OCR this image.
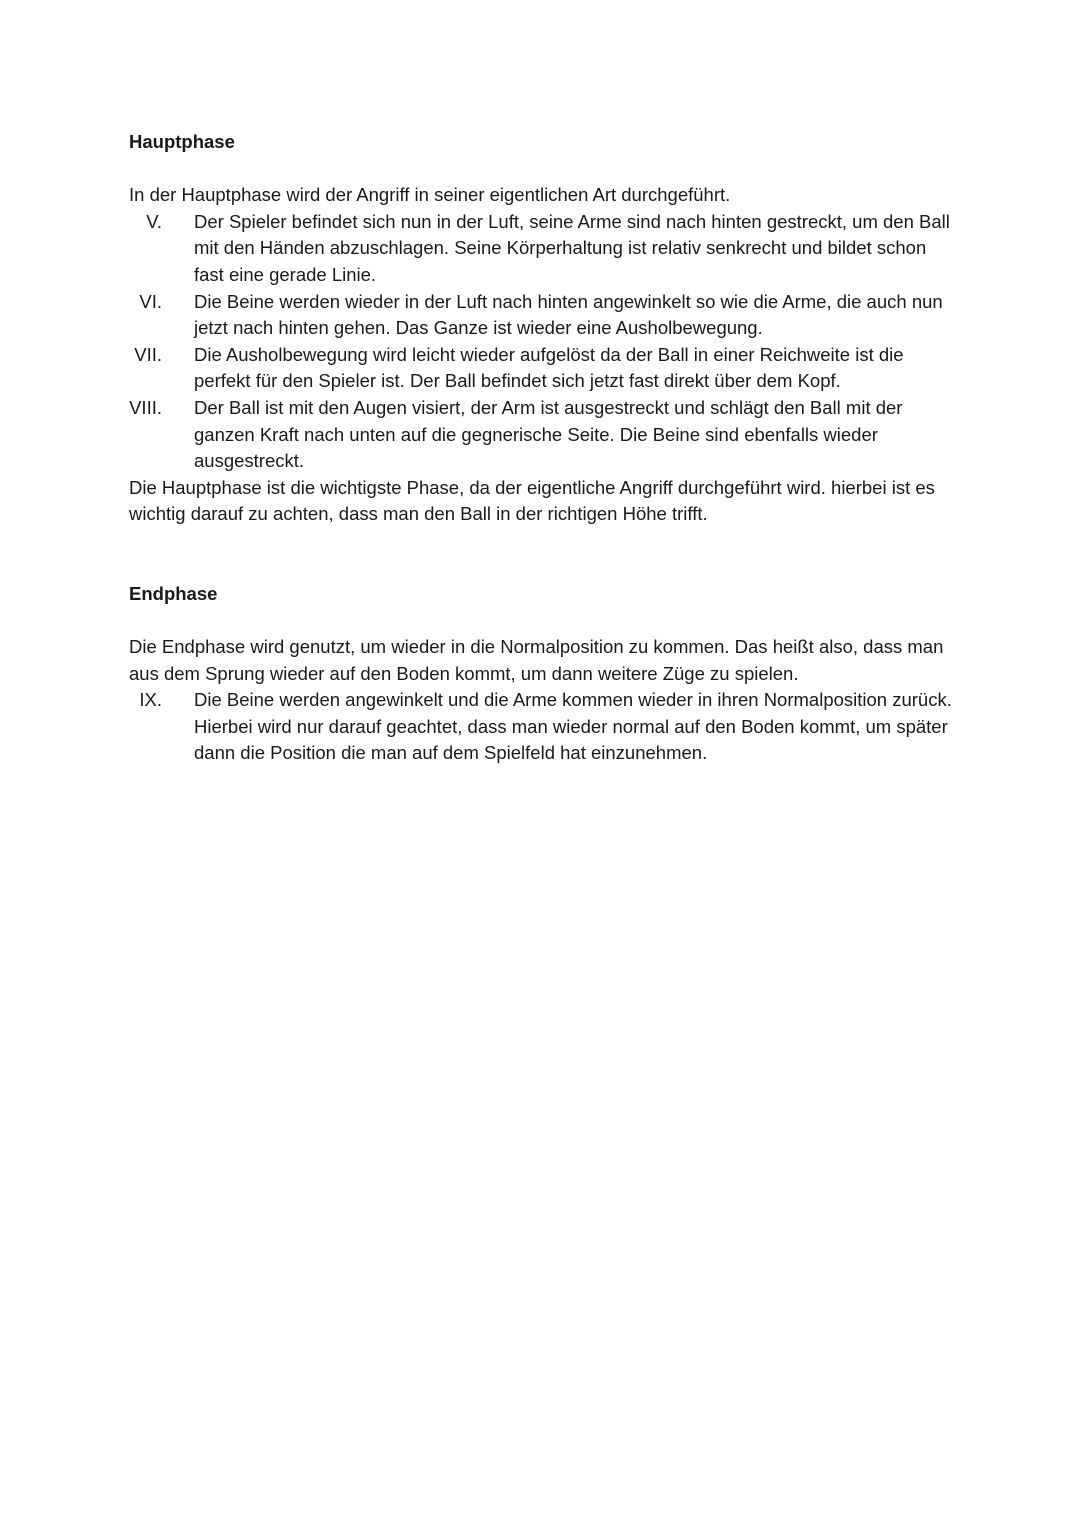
Hauptphase

In der Hauptphase wird der Angriff in seiner eigentlichen Art durchgeführt.

V. Der Spieler befindet sich nun in der Luft, seine Arme sind nach hinten gestreckt, um den Ball mit den Händen abzuschlagen. Seine Körperhaltung ist relativ senkrecht und bildet schon fast eine gerade Linie.
VI. Die Beine werden wieder in der Luft nach hinten angewinkelt so wie die Arme, die auch nun jetzt nach hinten gehen. Das Ganze ist wieder eine Ausholbewegung.
VII. Die Ausholbewegung wird leicht wieder aufgelöst da der Ball in einer Reichweite ist die perfekt für den Spieler ist. Der Ball befindet sich jetzt fast direkt über dem Kopf.
VIII. Der Ball ist mit den Augen visiert, der Arm ist ausgestreckt und schlägt den Ball mit der ganzen Kraft nach unten auf die gegnerische Seite. Die Beine sind ebenfalls wieder ausgestreckt.

Die Hauptphase ist die wichtigste Phase, da der eigentliche Angriff durchgeführt wird. hierbei ist es wichtig darauf zu achten, dass man den Ball in der richtigen Höhe trifft.

Endphase

Die Endphase wird genutzt, um wieder in die Normalposition zu kommen. Das heißt also, dass man aus dem Sprung wieder auf den Boden kommt, um dann weitere Züge zu spielen.

IX. Die Beine werden angewinkelt und die Arme kommen wieder in ihren Normalposition zurück. Hierbei wird nur darauf geachtet, dass man wieder normal auf den Boden kommt, um später dann die Position die man auf dem Spielfeld hat einzunehmen.
